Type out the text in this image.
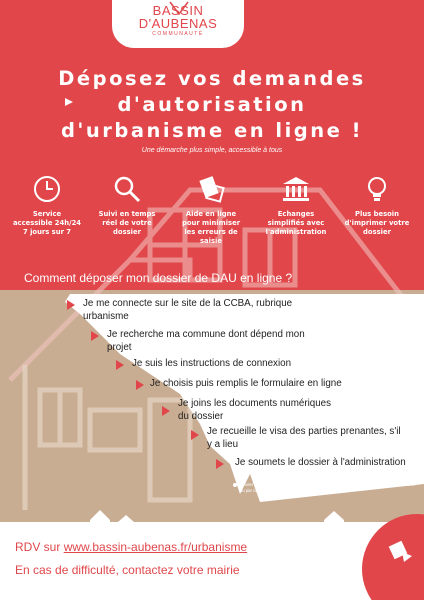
BASSIN
D'AUBENAS
COMMUNAUTÉ
Déposez vos demandes
d'autorisation
d'urbanisme en ligne !
Une démarche plus simple, accessible à tous
Service accessible 24h/24 7 jours sur 7
Suivi en temps réel de votre dossier
Aide en ligne pour minimiser les erreurs de saisie
Echanges simplifiés avec l'administration
Plus besoin d'imprimer votre dossier
Comment déposer mon dossier de DAU en ligne ?
Je me connecte sur le site de la CCBA, rubrique urbanisme
Je recherche ma commune dont dépend mon projet
Je suis les instructions de connexion
Je choisis puis remplis le formulaire en ligne
Je joins les documents numériques du dossier
Je recueille le visa des parties prenantes, s'il y a lieu
Je soumets le dossier à l'administration
A noter qu'il est toujours possible de déposer vos demandes directement au service urbanisme ou par courrier adressé à la commune où se situe le projet.
RDV sur www.bassin-aubenas.fr/urbanisme
En cas de difficulté, contactez votre mairie
